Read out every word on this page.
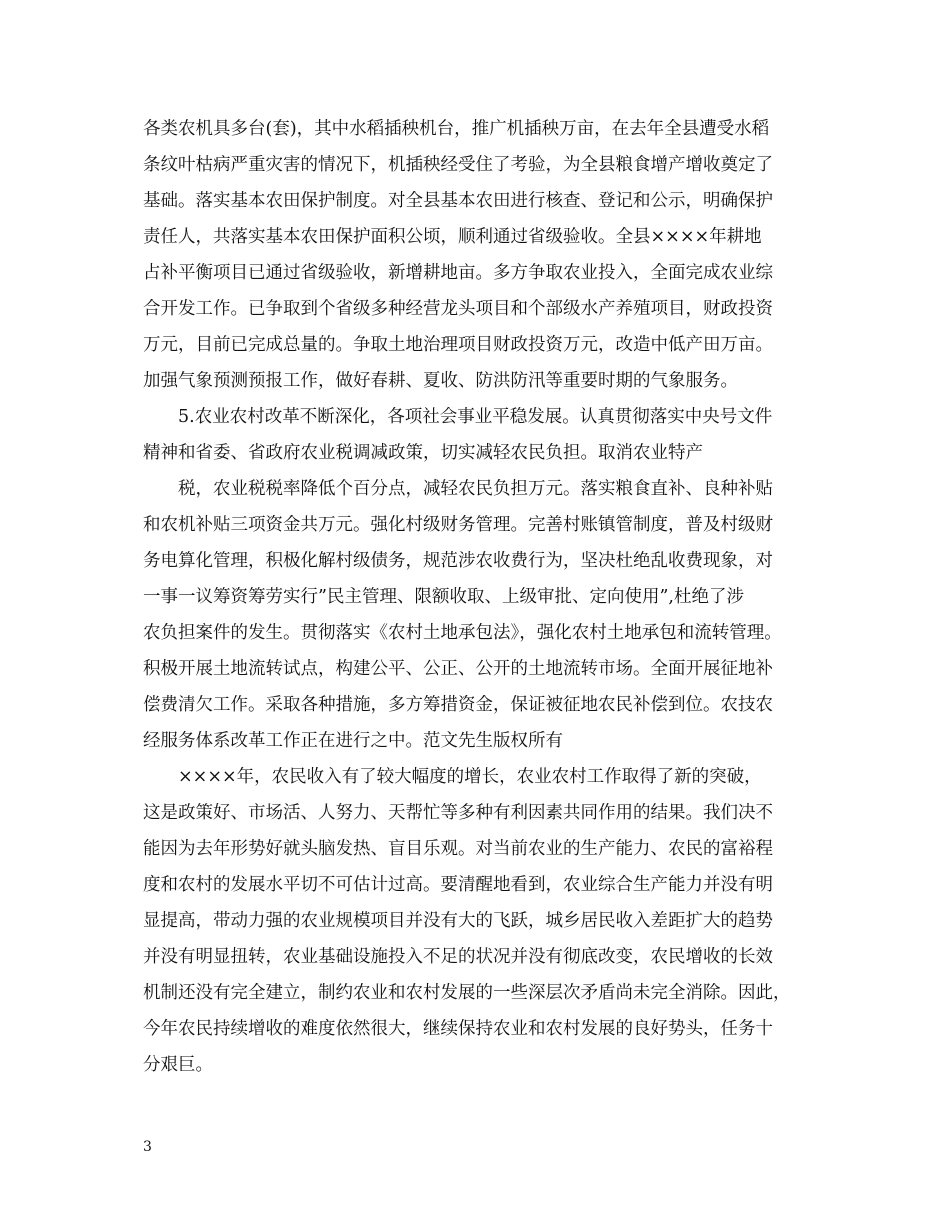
各类农机具多台(套)，其中水稻插秧机台，推广机插秧万亩，在去年全县遭受水稻
条纹叶枯病严重灾害的情况下，机插秧经受住了考验，为全县粮食增产增收奠定了
基础。落实基本农田保护制度。对全县基本农田进行核查、登记和公示，明确保护
责任人，共落实基本农田保护面积公顷，顺利通过省级验收。全县××××年耕地
占补平衡项目已通过省级验收，新增耕地亩。多方争取农业投入，全面完成农业综
合开发工作。已争取到个省级多种经营龙头项目和个部级水产养殖项目，财政投资
万元，目前已完成总量的。争取土地治理项目财政投资万元，改造中低产田万亩。
加强气象预测预报工作，做好春耕、夏收、防洪防汛等重要时期的气象服务。
5.农业农村改革不断深化，各项社会事业平稳发展。认真贯彻落实中央号文件
精神和省委、省政府农业税调减政策，切实减轻农民负担。取消农业特产
税，农业税税率降低个百分点，减轻农民负担万元。落实粮食直补、良种补贴
和农机补贴三项资金共万元。强化村级财务管理。完善村账镇管制度，普及村级财
务电算化管理，积极化解村级债务，规范涉农收费行为，坚决杜绝乱收费现象，对
一事一议筹资筹劳实行”民主管理、限额收取、上级审批、定向使用”,杜绝了涉
农负担案件的发生。贯彻落实《农村土地承包法》，强化农村土地承包和流转管理。
积极开展土地流转试点，构建公平、公正、公开的土地流转市场。全面开展征地补
偿费清欠工作。采取各种措施，多方筹措资金，保证被征地农民补偿到位。农技农
经服务体系改革工作正在进行之中。范文先生版权所有
××××年，农民收入有了较大幅度的增长，农业农村工作取得了新的突破，
这是政策好、市场活、人努力、天帮忙等多种有利因素共同作用的结果。我们决不
能因为去年形势好就头脑发热、盲目乐观。对当前农业的生产能力、农民的富裕程
度和农村的发展水平切不可估计过高。要清醒地看到，农业综合生产能力并没有明
显提高，带动力强的农业规模项目并没有大的飞跃，城乡居民收入差距扩大的趋势
并没有明显扭转，农业基础设施投入不足的状况并没有彻底改变，农民增收的长效
机制还没有完全建立，制约农业和农村发展的一些深层次矛盾尚未完全消除。因此，
今年农民持续增收的难度依然很大，继续保持农业和农村发展的良好势头，任务十
分艰巨。
3
